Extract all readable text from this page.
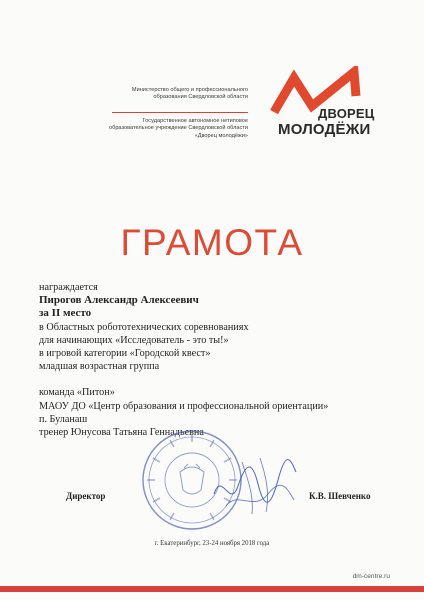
Министерство общего и профессионального
образования Свердловской области
Государственное автономное нетиповое
образовательное учреждение Свердловской области
«Дворец молодёжи»
ДВОРЕЦ
МОЛОДЁЖИ
ГРАМОТА
награждается
Пирогов Александр Алексеевич
за II место
в Областных робототехнических соревнованиях
для начинающих «Исследователь - это ты!»
в игровой категории «Городской квест»
младшая возрастная группа
команда «Питон»
МАОУ ДО «Центр образования и профессиональной ориентации»
п. Буланаш
тренер Юнусова Татьяна Геннадьевна
Директор	К.В. Шевченко
г. Екатеринбург, 23-24 ноября 2018 года
dm-centre.ru
